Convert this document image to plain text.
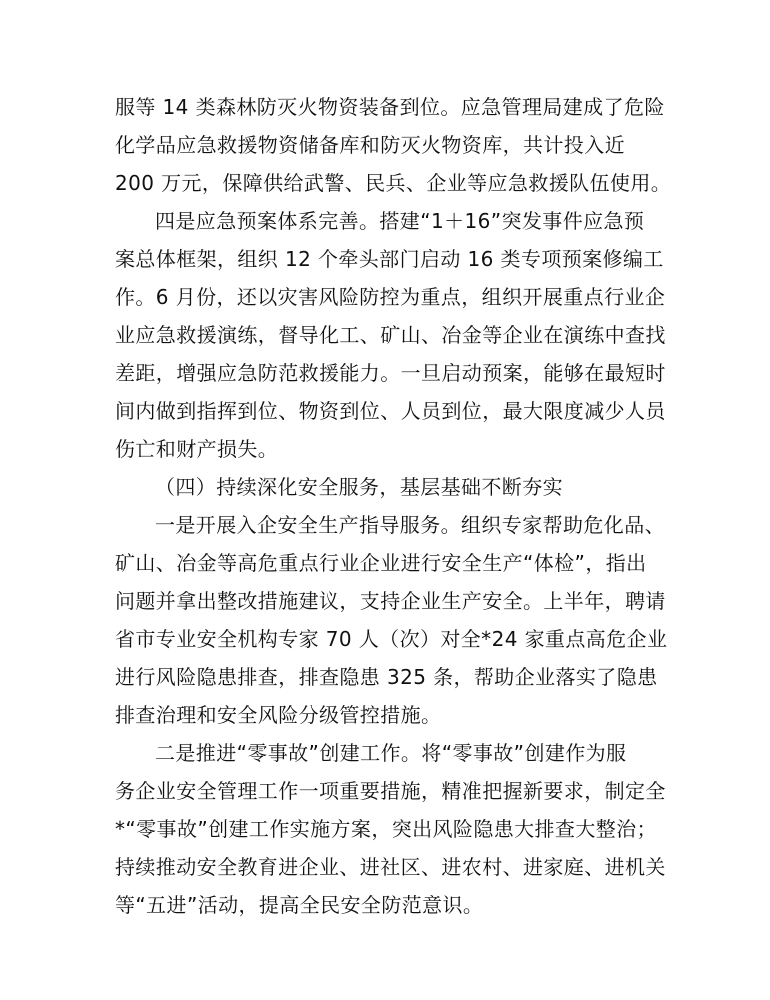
服等 14 类森林防灭火物资装备到位。应急管理局建成了危险
化学品应急救援物资储备库和防灭火物资库，共计投入近
200 万元，保障供给武警、民兵、企业等应急救援队伍使用。
四是应急预案体系完善。搭建“1＋16”突发事件应急预
案总体框架，组织 12 个牵头部门启动 16 类专项预案修编工
作。6 月份，还以灾害风险防控为重点，组织开展重点行业企
业应急救援演练，督导化工、矿山、冶金等企业在演练中查找
差距，增强应急防范救援能力。一旦启动预案，能够在最短时
间内做到指挥到位、物资到位、人员到位，最大限度减少人员
伤亡和财产损失。
（四）持续深化安全服务，基层基础不断夯实
一是开展入企安全生产指导服务。组织专家帮助危化品、
矿山、冶金等高危重点行业企业进行安全生产“体检”，指出
问题并拿出整改措施建议，支持企业生产安全。上半年，聘请
省市专业安全机构专家 70 人（次）对全*24 家重点高危企业
进行风险隐患排查，排查隐患 325 条，帮助企业落实了隐患
排查治理和安全风险分级管控措施。
二是推进“零事故”创建工作。将“零事故”创建作为服
务企业安全管理工作一项重要措施，精准把握新要求，制定全
*“零事故”创建工作实施方案，突出风险隐患大排查大整治；
持续推动安全教育进企业、进社区、进农村、进家庭、进机关
等“五进”活动，提高全民安全防范意识。
